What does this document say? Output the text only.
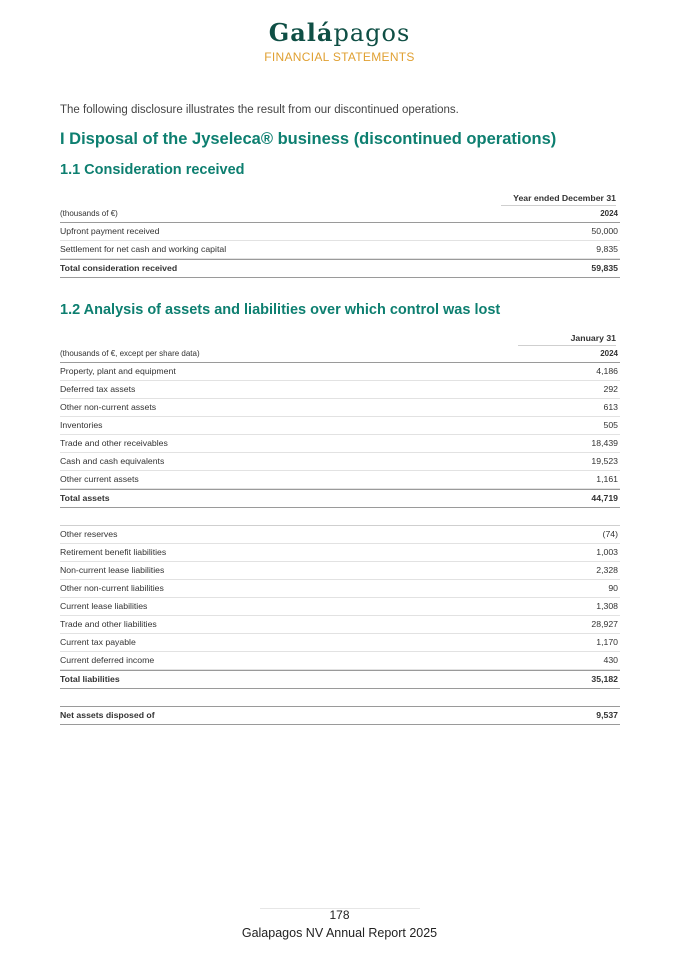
Galápagos
FINANCIAL STATEMENTS
The following disclosure illustrates the result from our discontinued operations.
I Disposal of the Jyseleca® business (discontinued operations)
1.1 Consideration received
Year ended December 31
(thousands of €)	2024
Upfront payment received	50,000
Settlement for net cash and working capital	9,835
Total consideration received	59,835
1.2 Analysis of assets and liabilities over which control was lost
January 31
(thousands of €, except per share data)	2024
Property, plant and equipment	4,186
Deferred tax assets	292
Other non-current assets	613
Inventories	505
Trade and other receivables	18,439
Cash and cash equivalents	19,523
Other current assets	1,161
Total assets	44,719
Other reserves	(74)
Retirement benefit liabilities	1,003
Non-current lease liabilities	2,328
Other non-current liabilities	90
Current lease liabilities	1,308
Trade and other liabilities	28,927
Current tax payable	1,170
Current deferred income	430
Total liabilities	35,182
Net assets disposed of	9,537
178
Galapagos NV Annual Report 2025
